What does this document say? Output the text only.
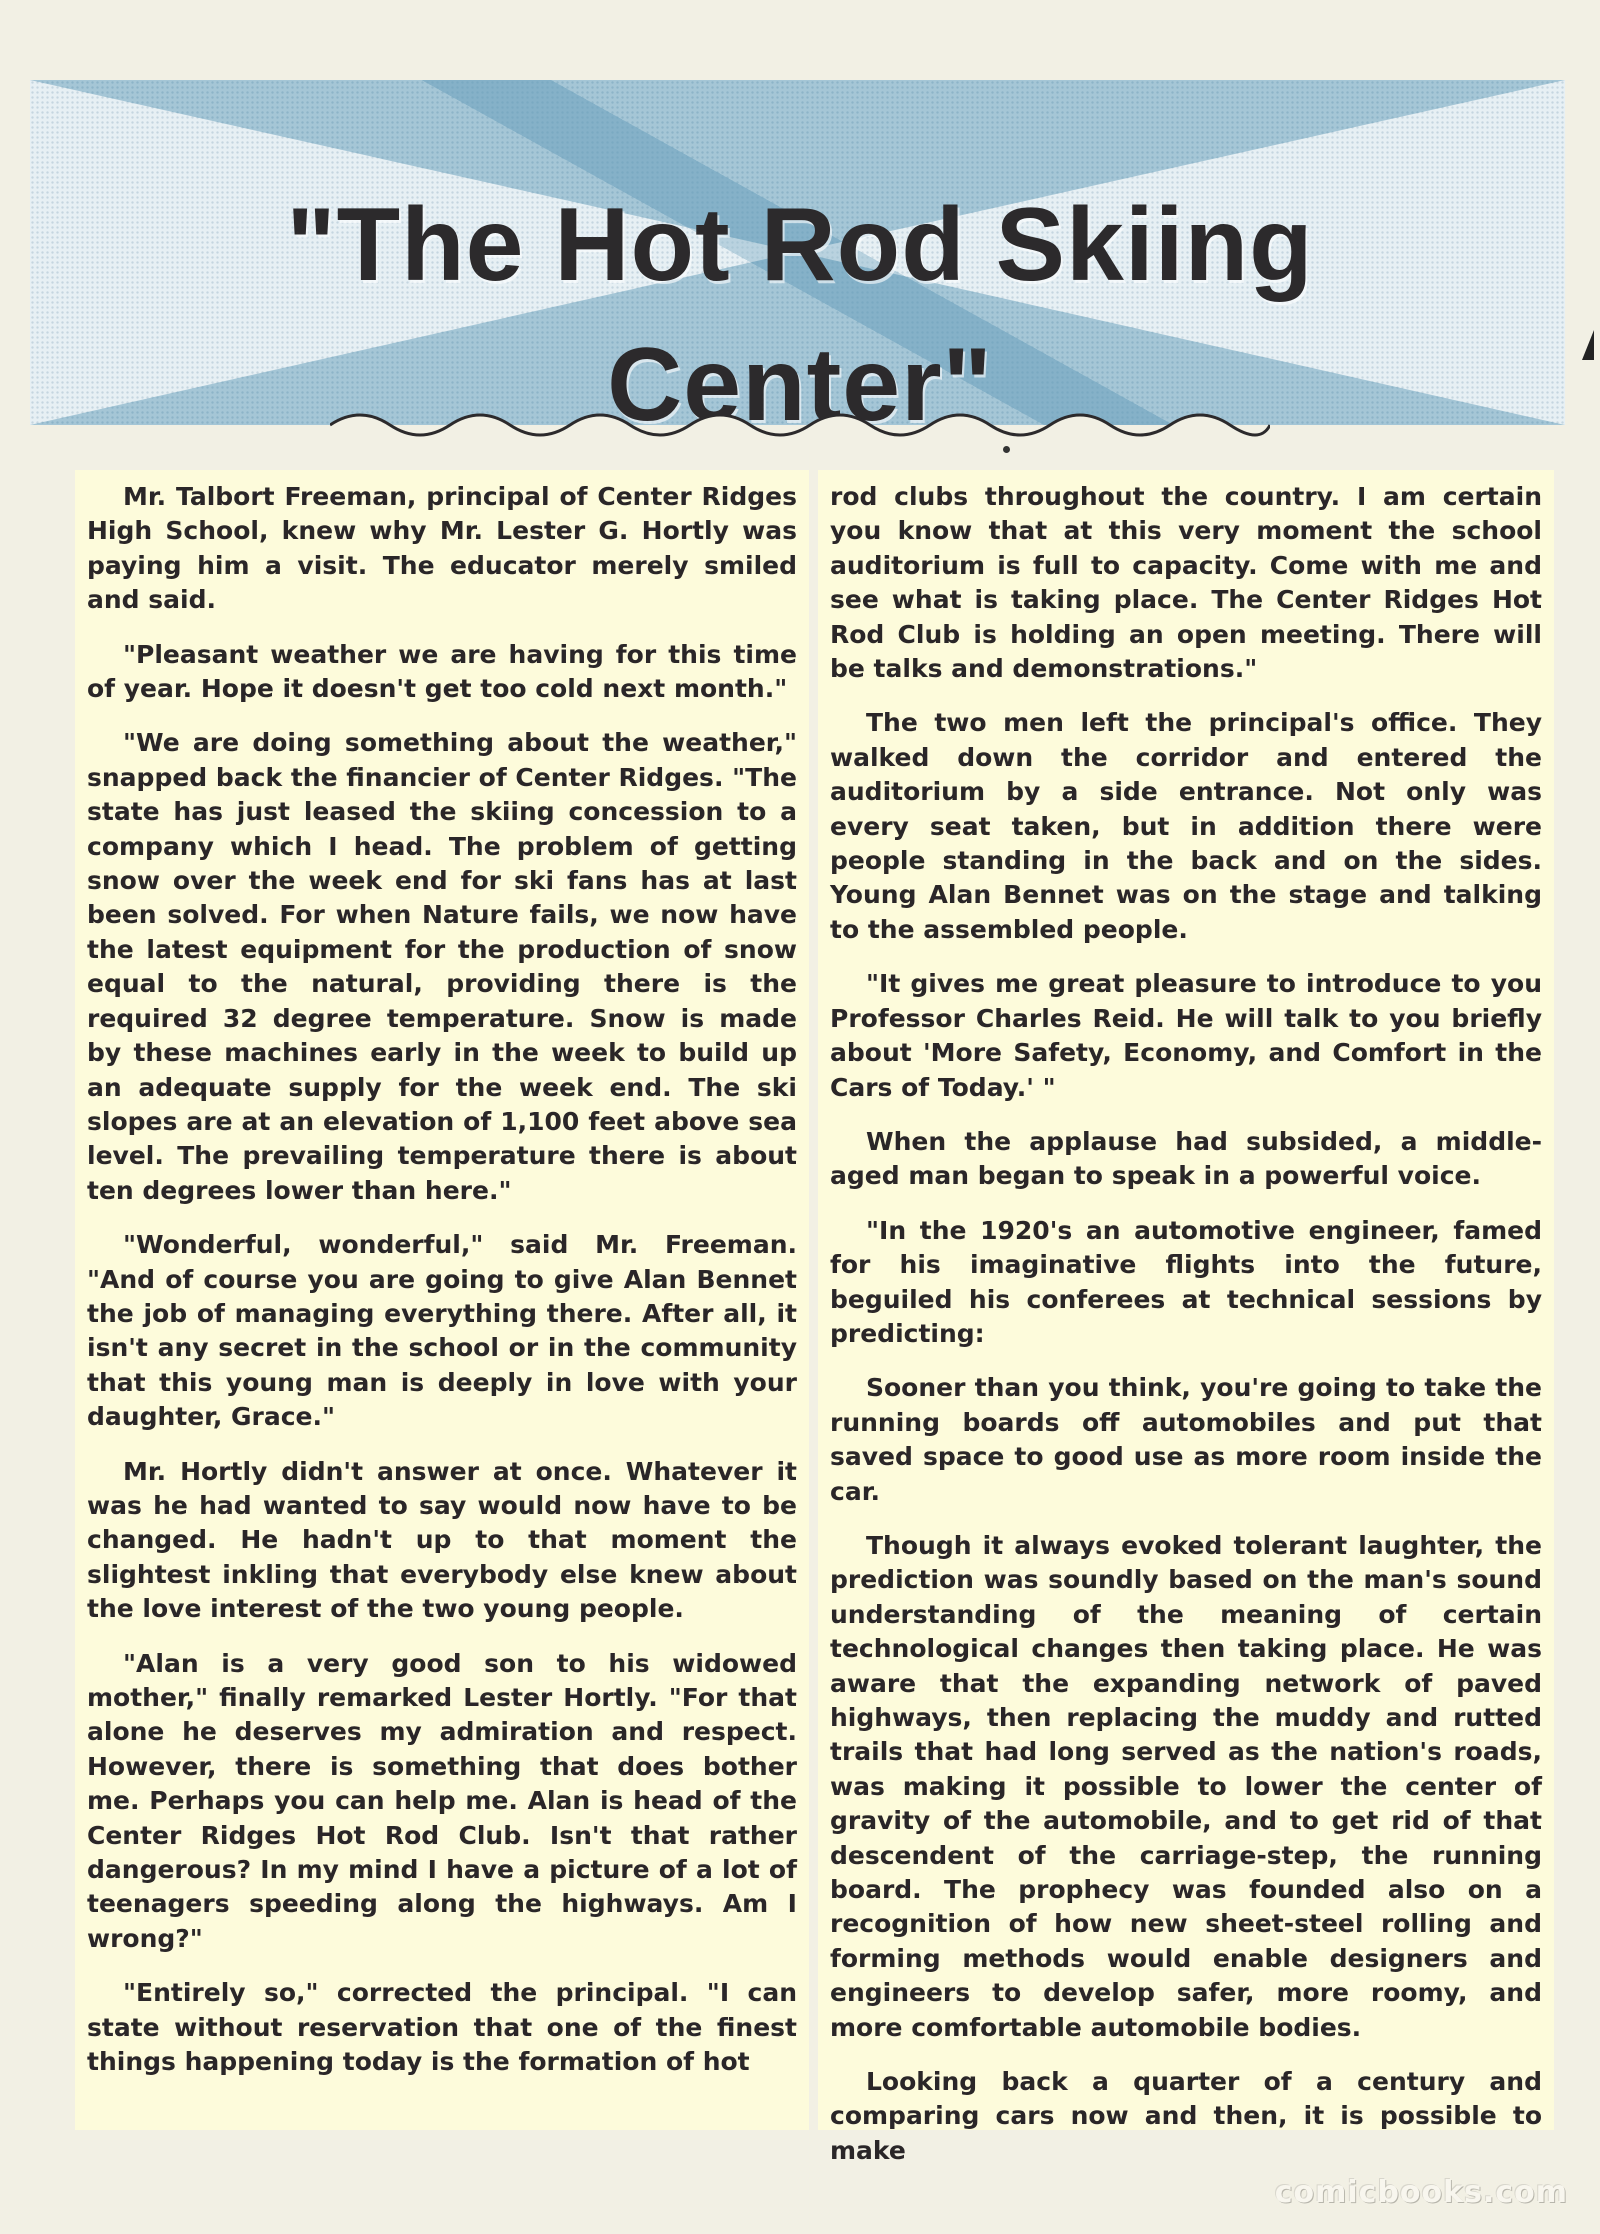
"The Hot Rod Skiing Center"

Mr. Talbort Freeman, principal of Center Ridges High School, knew why Mr. Lester G. Hortly was paying him a visit. The educator merely smiled and said.

"Pleasant weather we are having for this time of year. Hope it doesn't get too cold next month."

"We are doing something about the weather," snapped back the financier of Center Ridges. "The state has just leased the skiing concession to a company which I head. The problem of getting snow over the week end for ski fans has at last been solved. For when Nature fails, we now have the latest equipment for the production of snow equal to the natural, providing there is the required 32 degree temperature. Snow is made by these machines early in the week to build up an adequate supply for the week end. The ski slopes are at an elevation of 1,100 feet above sea level. The prevailing temperature there is about ten degrees lower than here."

"Wonderful, wonderful," said Mr. Freeman. "And of course you are going to give Alan Bennet the job of managing everything there. After all, it isn't any secret in the school or in the community that this young man is deeply in love with your daughter, Grace."

Mr. Hortly didn't answer at once. Whatever it was he had wanted to say would now have to be changed. He hadn't up to that moment the slightest inkling that everybody else knew about the love interest of the two young people.

"Alan is a very good son to his widowed mother," finally remarked Lester Hortly. "For that alone he deserves my admiration and respect. However, there is something that does bother me. Perhaps you can help me. Alan is head of the Center Ridges Hot Rod Club. Isn't that rather dangerous? In my mind I have a picture of a lot of teenagers speeding along the highways. Am I wrong?"

"Entirely so," corrected the principal. "I can state without reservation that one of the finest things happening today is the formation of hot

rod clubs throughout the country. I am certain you know that at this very moment the school auditorium is full to capacity. Come with me and see what is taking place. The Center Ridges Hot Rod Club is holding an open meeting. There will be talks and demonstrations."

The two men left the principal's office. They walked down the corridor and entered the auditorium by a side entrance. Not only was every seat taken, but in addition there were people standing in the back and on the sides. Young Alan Bennet was on the stage and talking to the assembled people.

"It gives me great pleasure to introduce to you Professor Charles Reid. He will talk to you briefly about 'More Safety, Economy, and Comfort in the Cars of Today.' "

When the applause had subsided, a middle-aged man began to speak in a powerful voice.

"In the 1920's an automotive engineer, famed for his imaginative flights into the future, beguiled his conferees at technical sessions by predicting:

Sooner than you think, you're going to take the running boards off automobiles and put that saved space to good use as more room inside the car.

Though it always evoked tolerant laughter, the prediction was soundly based on the man's sound understanding of the meaning of certain technological changes then taking place. He was aware that the expanding network of paved highways, then replacing the muddy and rutted trails that had long served as the nation's roads, was making it possible to lower the center of gravity of the automobile, and to get rid of that descendent of the carriage-step, the running board. The prophecy was founded also on a recognition of how new sheet-steel rolling and forming methods would enable designers and engineers to develop safer, more roomy, and more comfortable automobile bodies.

Looking back a quarter of a century and comparing cars now and then, it is possible to make

comicbooks.com
